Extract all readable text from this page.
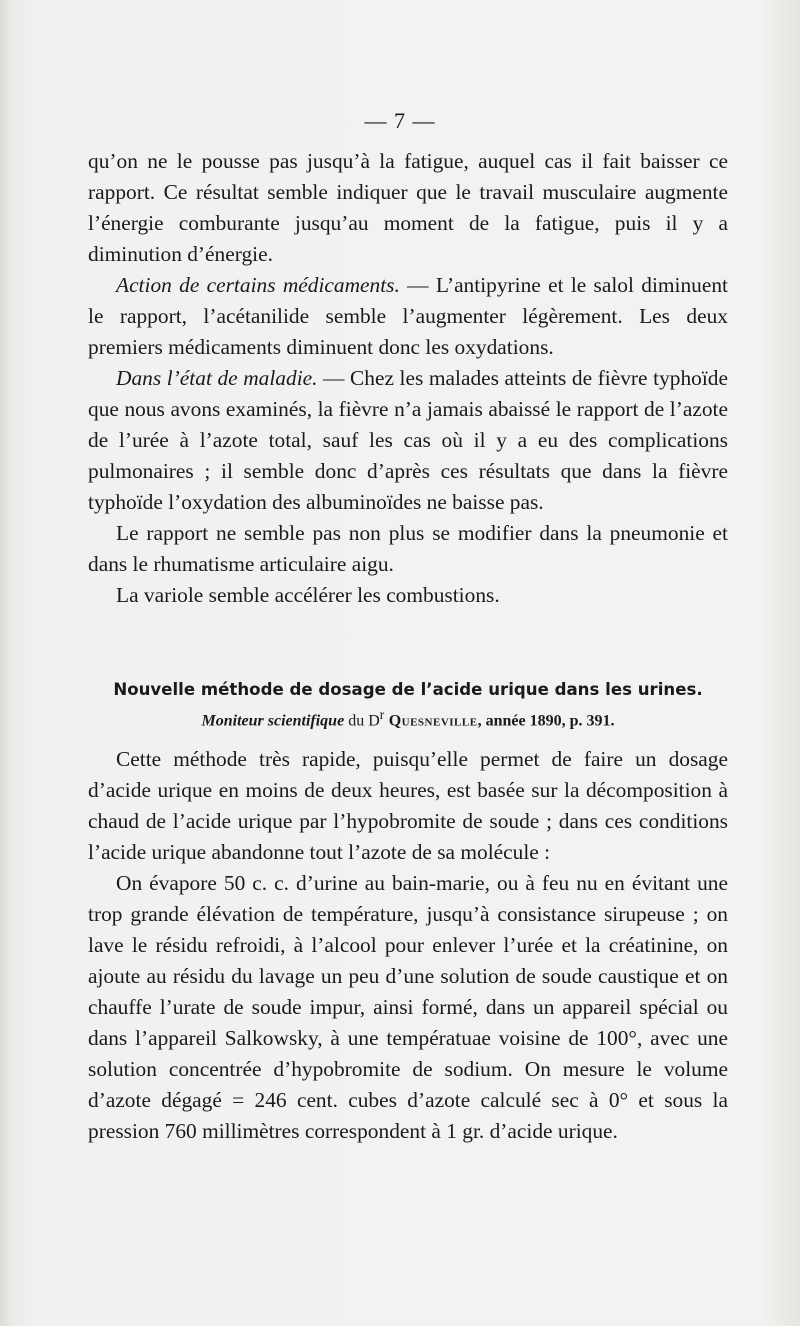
— 7 —

qu’on ne le pousse pas jusqu’à la fatigue, auquel cas il fait baisser ce rapport. Ce résultat semble indiquer que le travail musculaire augmente l’énergie comburante jusqu’au moment de la fatigue, puis il y a diminution d’énergie.

Action de certains médicaments. — L’antipyrine et le salol diminuent le rapport, l’acétanilide semble l’augmenter légèrement. Les deux premiers médicaments diminuent donc les oxydations.

Dans l’état de maladie. — Chez les malades atteints de fièvre typhoïde que nous avons examinés, la fièvre n’a jamais abaissé le rapport de l’azote de l’urée à l’azote total, sauf les cas où il y a eu des complications pulmonaires ; il semble donc d’après ces résultats que dans la fièvre typhoïde l’oxydation des albuminoïdes ne baisse pas.

Le rapport ne semble pas non plus se modifier dans la pneumonie et dans le rhumatisme articulaire aigu.

La variole semble accélérer les combustions.

Nouvelle méthode de dosage de l’acide urique dans les urines.
Moniteur scientifique du $D^r$ Quesneville, année 1890, p. 391.

Cette méthode très rapide, puisqu’elle permet de faire un dosage d’acide urique en moins de deux heures, est basée sur la décomposition à chaud de l’acide urique par l’hypobromite de soude ; dans ces conditions l’acide urique abandonne tout l’azote de sa molécule :

On évapore 50 c. c. d’urine au bain-marie, ou à feu nu en évitant une trop grande élévation de température, jusqu’à consistance sirupeuse ; on lave le résidu refroidi, à l’alcool pour enlever l’urée et la créatinine, on ajoute au résidu du lavage un peu d’une solution de soude caustique et on chauffe l’urate de soude impur, ainsi formé, dans un appareil spécial ou dans l’appareil Salkowsky, à une températuae voisine de 100°, avec une solution concentrée d’hypobromite de sodium. On mesure le volume d’azote dégagé = 246 cent. cubes d’azote calculé sec à 0° et sous la pression 760 millimètres correspondent à 1 gr. d’acide urique.
